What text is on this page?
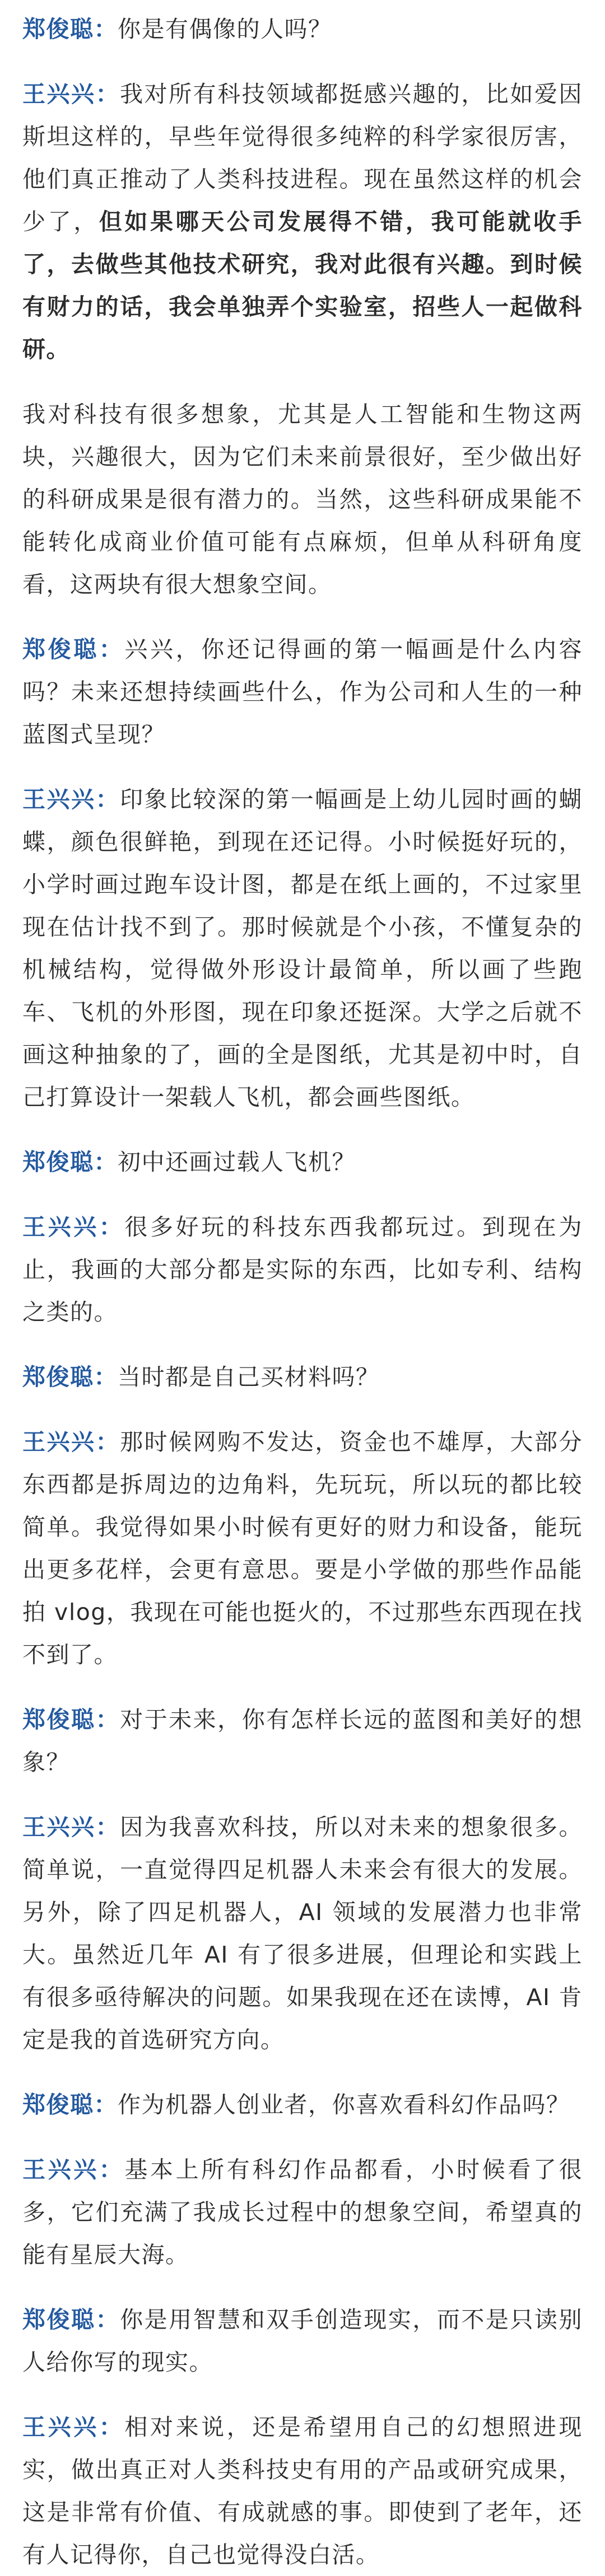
郑俊聪：你是有偶像的人吗？

王兴兴：我对所有科技领域都挺感兴趣的，比如爱因斯坦这样的，早些年觉得很多纯粹的科学家很厉害，他们真正推动了人类科技进程。现在虽然这样的机会少了，但如果哪天公司发展得不错，我可能就收手了，去做些其他技术研究，我对此很有兴趣。到时候有财力的话，我会单独弄个实验室，招些人一起做科研。

我对科技有很多想象，尤其是人工智能和生物这两块，兴趣很大，因为它们未来前景很好，至少做出好的科研成果是很有潜力的。当然，这些科研成果能不能转化成商业价值可能有点麻烦，但单从科研角度看，这两块有很大想象空间。

郑俊聪：兴兴，你还记得画的第一幅画是什么内容吗？未来还想持续画些什么，作为公司和人生的一种蓝图式呈现？

王兴兴：印象比较深的第一幅画是上幼儿园时画的蝴蝶，颜色很鲜艳，到现在还记得。小时候挺好玩的，小学时画过跑车设计图，都是在纸上画的，不过家里现在估计找不到了。那时候就是个小孩，不懂复杂的机械结构，觉得做外形设计最简单，所以画了些跑车、飞机的外形图，现在印象还挺深。大学之后就不画这种抽象的了，画的全是图纸，尤其是初中时，自己打算设计一架载人飞机，都会画些图纸。

郑俊聪：初中还画过载人飞机？

王兴兴：很多好玩的科技东西我都玩过。到现在为止，我画的大部分都是实际的东西，比如专利、结构之类的。

郑俊聪：当时都是自己买材料吗？

王兴兴：那时候网购不发达，资金也不雄厚，大部分东西都是拆周边的边角料，先玩玩，所以玩的都比较简单。我觉得如果小时候有更好的财力和设备，能玩出更多花样，会更有意思。要是小学做的那些作品能拍 vlog，我现在可能也挺火的，不过那些东西现在找不到了。

郑俊聪：对于未来，你有怎样长远的蓝图和美好的想象？

王兴兴：因为我喜欢科技，所以对未来的想象很多。简单说，一直觉得四足机器人未来会有很大的发展。另外，除了四足机器人，AI 领域的发展潜力也非常大。虽然近几年 AI 有了很多进展，但理论和实践上有很多亟待解决的问题。如果我现在还在读博，AI 肯定是我的首选研究方向。

郑俊聪：作为机器人创业者，你喜欢看科幻作品吗？

王兴兴：基本上所有科幻作品都看，小时候看了很多，它们充满了我成长过程中的想象空间，希望真的能有星辰大海。

郑俊聪：你是用智慧和双手创造现实，而不是只读别人给你写的现实。

王兴兴：相对来说，还是希望用自己的幻想照进现实，做出真正对人类科技史有用的产品或研究成果，这是非常有价值、有成就感的事。即使到了老年，还有人记得你，自己也觉得没白活。
